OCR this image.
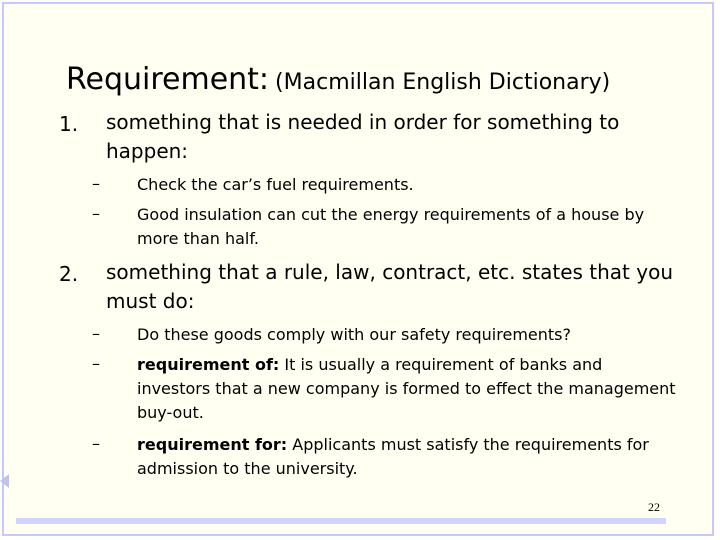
Requirement: (Macmillan English Dictionary)
1. something that is needed in order for something to happen:
– Check the car’s fuel requirements.
– Good insulation can cut the energy requirements of a house by more than half.
2. something that a rule, law, contract, etc. states that you must do:
– Do these goods comply with our safety requirements?
– requirement of: It is usually a requirement of banks and investors that a new company is formed to effect the management buy-out.
– requirement for: Applicants must satisfy the requirements for admission to the university.
22
